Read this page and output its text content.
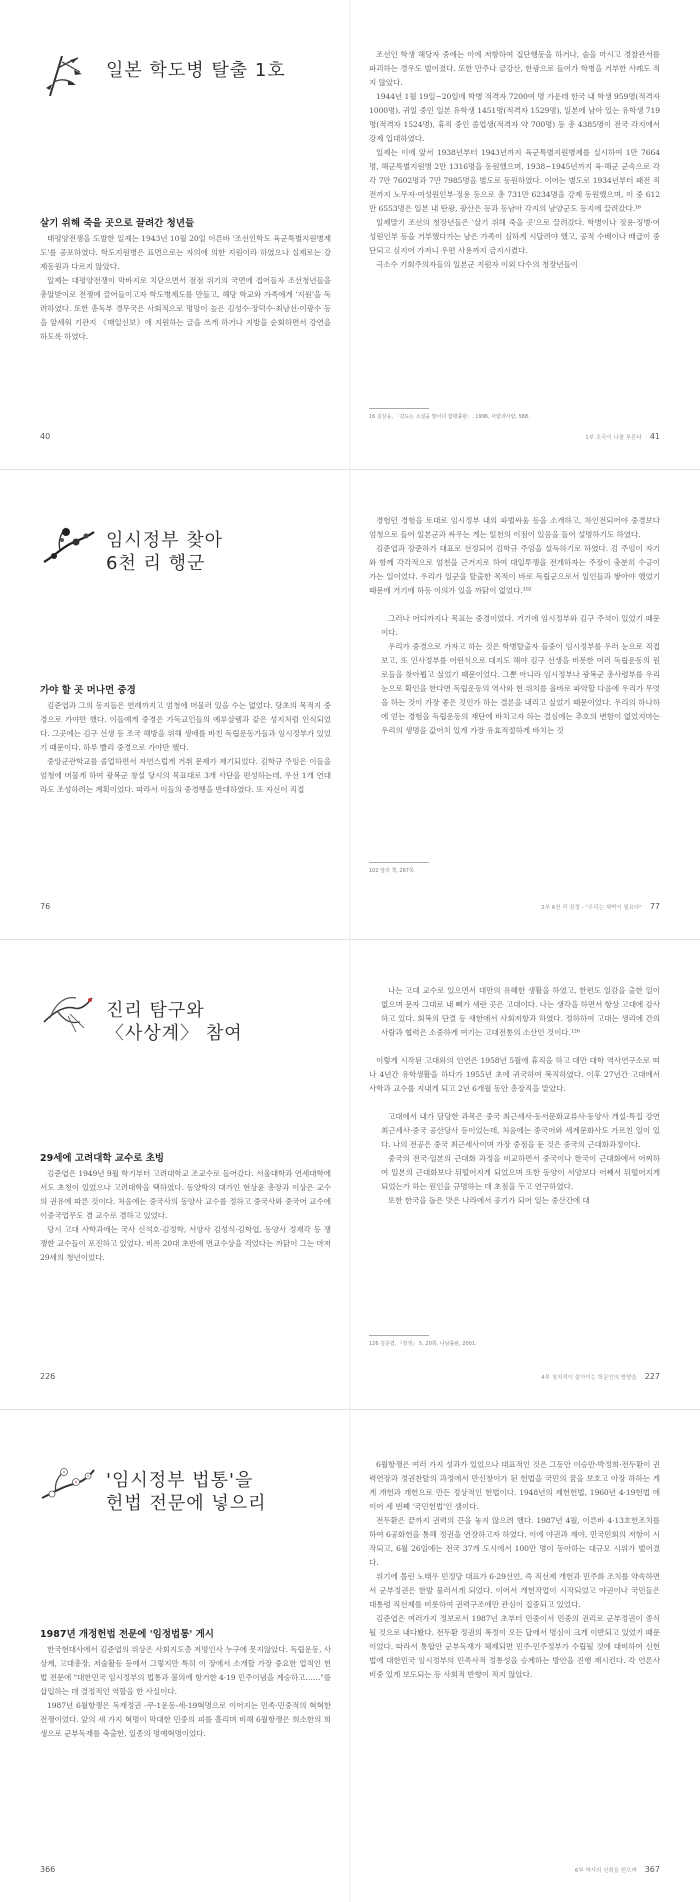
일본 학도병 탈출 1호
살기 위해 죽을 곳으로 끌려간 청년들

태평양전쟁을 도발한 일제는 1943년 10월 20일 이른바 '조선인학도 육군특별지원병제도'를 공포하였다. 학도지원병은 표면으로는 자의에 의한 지원이라 하였으나 실제로는 강제동원과 다르지 않았다.

일제는 대평양전쟁이 막바지로 치닫으면서 점점 위기의 국면에 접어들자 조선청년들을 총알받이로 전쟁에 끌어들이고자 학도병제도를 만들고, 해당 학교와 가족에게 '지원'을 독려하였다. 또한 총독부 경무국은 사회적으로 명망이 높은 김성수·장덕수·최남선·이광수 등을 앞세워 기관지 《매일신보》에 지원하는 글을 쓰게 하거나 지방을 순회하면서 강연을 하도록 하였다.

40

조선인 학생 해당자 중에는 이에 저항하여 집단행동을 하거나, 술을 마시고 경찰관서를 파괴하는 경우도 벌어졌다. 또한 만주나 금강산, 한광으로 들어가 학병을 거부한 사례도 적지 않았다.

1944년 1월 19일~20일에 학병 적격자 7200여 명 가운데 한국 내 학생 959명(적격자 1000명), 귀일 중인 일본 유학생 1451명(적격자 1529명), 일본에 남아 있는 유학생 719명(적격자 1524명), 휴직 중인 졸업생(적격자 약 700명) 등 총 4385명이 전국 각지에서 강제 입대하였다.

일제는 이에 앞서 1938년부터 1943년까지 육군특별지원병제를 실시하여 1만 7664명, 해군특별지원병 2만 1316명을 동원했으며, 1938~1945년까지 육·해군 군속으로 각각 7만 7602명과 7만 7985명을 별도로 동원하였다. 이어는 별도로 1934년부터 패전 직전까지 노무자·여성원인부·징용 등으로 총 731만 6234명을 강제 동원했으며, 이 중 612만 6553명은 일본 내 탄광, 광산은 등과 동남아 각지의 남양군도 등지에 끌려갔다.¹⁶

일제말기 조선의 청장년들은 '살기 위해 죽을 곳'으로 끌려갔다. 학병이나 징용·징병·여성원인부 등을 거부했다가는 남은 가족이 심하게 시달려야 했고, 공적 수배이나 배급이 중단되고 심지어 가저니 우편 사용까지 금지시켰다.

극소수 기회주의자들의 일본군 지원자 이외 다수의 청장년들이

16 김삼웅, 「김도는 소설을 말이다 함평출판」, 1996, 사람과사람, 588.
1부 조국이 나를 부른다 41
임시정부 찾아
6천 리 행군
가야 할 곳 머나먼 중경

김준엽과 그의 동지들은 연례까지고 엄청에 머물러 있을 수는 없었다. 당초의 목적지 중경으로 가야만 했다. 이들에게 중경은 가독교인들의 예루살렘과 같은 성지처럼 인식되었다. 그곳에는 김구 선생 등 조국 해방을 위해 생애를 바친 독립운동가들과 임시정부가 있었기 때문이다. 하루 빨리 중경으로 가야만 했다.

중앙군관학교를 졸업하면서 자연스럽게 거취 문제가 제기되었다. 김학규 주임은 이들을 엄청에 머물게 하여 광복군 창설 당시의 목표대로 3개 사단을 편성하는데, 우선 1개 연대라도 조성하려는 계획이었다. 따라서 이들의 중경행을 반대하였다. 또 자신이 직접

76

경험던 경험을 토대로 임시정부 내의 파벌싸움 등을 소개하고, 차인전되어야 중경보다 엄청으로 들어 일본군과 싸우는 게는 일천의 이점이 있음을 들어 설명하기도 하였다.

김준엽과 장준하가 대표로 선정되어 김학규 주임을 설득하기로 하였다. 김 주임이 자기와 함께 각각적으로 엄천을 근거지로 하여 대일투쟁을 전개하자는 주장이 충분히 수긍이 가는 일이었다. 우리가 일군을 탈출한 목적이 바로 독립군으로서 일인들과 쌓아야 했었기 때문에 거기에 하등 이의가 있을 까닭이 없었다.¹⁰²

그러나 어디까지나 목표는 중경이었다. 거기에 임시정부와 김구 주석이 있었기 때문이다.

우리가 중경으로 가자고 하는 것은 학병탈출자 들중이 임시정부를 우러 눈으로 직접 보고, 또 인사정부를 어떤식으로 대지도 해야 김구 선생을 비롯한 여러 독립운동의 원로들을 찾아뵙고 싶었기 때문이었다. 그뿐 아니라 임시정부나 광복군 총사령부를 우리 눈으로 확인을 한다면 독립운동의 역사와 현 위치를 올바로 파악할 다음에 우리가 무엇을 하는 것이 가장 좋은 것인가 하는 결론을 내리고 싶었기 때문이었다. 우리의 하나하에 얻는 경험을 독립운동의 재단에 바치고자 하는 결심에는 추호의 변함이 없었지마는 우리의 생명을 값어치 있게 가장 유효적절하게 바치는 것

102 앞의 책, 267쪽.
2부 6천 리 장정 - "우리는 새벽이 필요다" 77
진리 탐구와
〈사상계〉 참여
29세에 고려대학 교수로 초빙

김준엽은 1949년 9월 학기부터 고려대학교 조교수로 들어갔다. 서울대학과 연세대학에서도 초청이 있었으나 고려대학을 택하였다. 동양학의 대가인 현상윤 총장과 이상은 교수의 권유에 따른 것이다. 처음에는 중국사의 동양사 교수를 정하고 중국사와 중국어 교수에 이중국업무도 겸 교수로 겸하고 있었다.

당시 고대 사학과에는 국사 신석호·김정학, 서양사 김성식·김학엽, 동양사 정재각 등 쟁쟁한 교수들이 포진하고 있었다. 비록 20대 초반에 면교수상을 걱었다는 까닭이 그는 마저 29세의 청년이었다.

226

나는 고대 교수로 있으면서 대만의 유혜한 생활을 하였고, 한편도 일감을 출한 일이 없으며 문자 그대로 내 뼈가 새란 곳은 고대이다. 나는 생각을 하면서 항상 고대에 감사하고 있다. 회복의 단결 등 새한에서 사회저항과 하였다. 정하하여 고대는 생리에 간의 사람과 협력은 소중하게 여기는 고대전통의 소산인 것이다.¹²⁶

이렇게 시작된 고대와의 인연은 1958년 5월에 휴직을 하고 대만 대학 역사연구소로 떠나 4년간 유학생활을 하다가 1955년 초에 귀국하여 복직하였다. 이후 27년간 고대에서 사학과 교수를 지내게 되고 2년 6개월 동안 총장직을 맡았다.

고대에서 내가 담당한 과목은 중국 최근세사·동서문화교류사·동양사 개설·특집 강연 최근세사·중국 공산당사 등이었는데, 처음에는 중국어와 세계문화사도 가르친 일이 있다. 나의 전공은 중국 최근세사이며 가장 중점을 둔 것은 중국의 근대화과정이다.

중국의 전국·일본의 근대화 과정을 비교하면서 중국이나 한국이 근대화에서 어찌하여 일본의 근대화보다 뒤떨어지게 되었으며 또한 동양이 서양보다 어째서 뒤떨어지게 되었는가 하는 원인을 규명하는 데 초점을 두고 연구하였다.

또한 한국을 돌은 맛은 나라에서 공기가 되어 일는 중산간에 대

126 김준엽, 『장정』 5, 20쪽, 나남출판, 2001.
4부 청치적이 살아이는 학문인의 방향을 227
'임시정부 법통'을
헌법 전문에 넣으리
1987년 개정헌법 전문에 '임정법통' 게시

한국현대사에서 김준엽의 위상은 사회지도층 저명인사 누구에 못지않았다. 독립운동, 사상계, 고대총장, 저술활동 등에서 그렇지만 특히 이 장에서 소개할 가장 중요한 업적인 헌법 전문에 "대한민국 임시정부의 법통과 불의에 항거한 4·19 민주이념을 계승하고……"를 삽입하는 데 결정적인 역할을 한 사실이다.

1987년 6월항쟁은 독재정권 -쿠-1운동-세-19혁명으로 이어지는 민족·민중적의 혁혁한 전쟁이었다. 앞의 세 가지 혁명이 막대한 민중의 피를 흘리며 비해 6월항쟁은 희소한의 희생으로 군부독재를 축출한, 일종의 명예혁명이었다.

366

6월항쟁은 여러 가지 성과가 있었으나 대표적인 것은 그동안 이승만·박정희·전두환이 권력연장과 정권찬탈의 과정에서 만신창이가 된 헌법을 국민의 꿈을 보호고 아장 하하는 게게 개헌과 개헌으로 만든 정상적인 헌법이다. 1948년의 제헌헌법, 1960년 4·19헌법 에 이어 세 번째 '국민헌법'인 셈이다.

전두환은 끝까지 권력의 끈을 놓지 않으려 했다. 1987년 4월, 이른바 4·13호헌조치를 하여 6공화헌을 통해 정권을 연장하고자 하였다. 이에 야권과 재야, 민국민회의 저항이 시작되고, 6월 26일에는 전국 37개 도시에서 100만 명이 동아하는 대규모 시위가 벌어졌다.

위기에 몰린 노태우 민정당 대표가 6·29선언, 즉 직선제 개헌과 민주화 조치를 약속하면서 군부정권은 한발 물러서게 되었다. 이어서 개헌작업이 시작되었고 야권이나 국민들은 대통령 직선제를 비롯하여 권력구조에만 관심이 집중되고 있었다.

김준엽은 여러가지 정보로서 1987년 초부터 민중이서 민중의 권리로 군부정권이 종식될 것으로 내다봤다. 전두환 정권의 폭정이 오든 답에서 명심이 크게 이반되고 있었기 때문이었다. 따라서 통합안 군부독재가 체제되면 민주·민주정부가 수립될 것에 대비하여 신헌법에 대한민국 임시정부의 민족사적 정통성을 승계하는 방안을 진행 재시킨다. 각 언론사 비중 있게 보도되는 등 사회적 반향이 적지 않았다.

6부 역사의 신뢰을 믿으며 367
